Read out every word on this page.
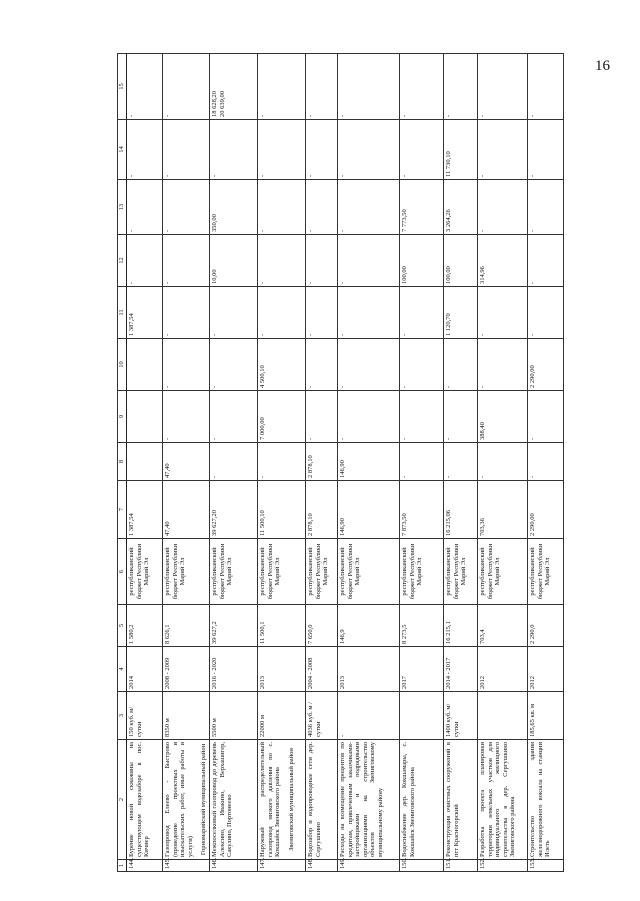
16
1	2	3	4	5	6	7	8	9	10	11	12	13	14	15
144.	Бурение новой скважины на существующем водозаборе в пос. Кичиер	150 куб. м/сутки	2014	1 580,2	республиканский бюджет Республики Марий Эл	1 387,54				1 387,54	-	-	-	-
145.	Газопровод Елеевo - Быстрово (проведение проектных и изыскательских работ, иные работы и услуги) Горномарийский муниципальный район	8350 м	2008 - 2009	8 626,1	республиканский бюджет Республики Марий Эл	47,40	47,40	-	-	-	-	-	-	-
146.	Межпоселковый газопровод до деревень Алексино, Ивакино, Верхашигер, Сакулино, Портонеево	5500 м	2016 - 2020	39 627,2	республиканский бюджет Республики Марий Эл	39 627,20	-	-	-	-	10,00	350,00	-	18 628,20 20 639,00

147.	Наружный распределительный газопровод низкого давления по с. Кокшайск Звениговского района Звениговский муниципальный район	22000 м	2013	11 500,1	республиканский бюджет Республики Марий Эл	11 500,10	-	7 000,00	4 500,10	-	-	-	-	-
148.	Водозабор и водопроводные сети дер. Сергушкино	4036 куб. м / сутки	2004 - 2008	7 650,0	республиканский бюджет Республики Марий Эл	2 878,10	2 878,10	-	-	-	-	-	-	-
149.	Расходы на возмещение процентов по кредитам, привлеченным заказчиками-застройщиками и подрядными организациями на строительство объектов Звениговскому муниципальному району	-	2013	146,9	республиканский бюджет Республики Марий Эл	146,90	146,90	-	-	-	-	-	-	-
150.	Водоснабжение дер. Кокшамары, с. Кокшайск Звениговского района		2017	8 273,5	республиканский бюджет Республики Марий Эл	7 873,50	-	-	-	-	100,00	7 773,50	-	-
151.	Реконструкция очистных сооружений в пгт Красногорский	1400 куб. м/сутки	2014 - 2017	16 215,1	республиканский бюджет Республики Марий Эл	16 215,06	-	-	-	1 120,70	100,00	3 264,26	11 730,10	-
152.	Разработка проекта планировки территории земельных участков для индивидуального жилищного строительства в дер. Сергушкино Звениговского района		2012	703,4	республиканский бюджет Республики Марий Эл	703,36	-	388,40	-	-	314,96	-	-	-
153.	Строительство здания железнодорожного вокзала на станции Илеть	185,65 кв. м	2012	2 290,0	республиканский бюджет Республики Марий Эл	2 290,00	-	-	2 290,00	-	-	-	-	-
